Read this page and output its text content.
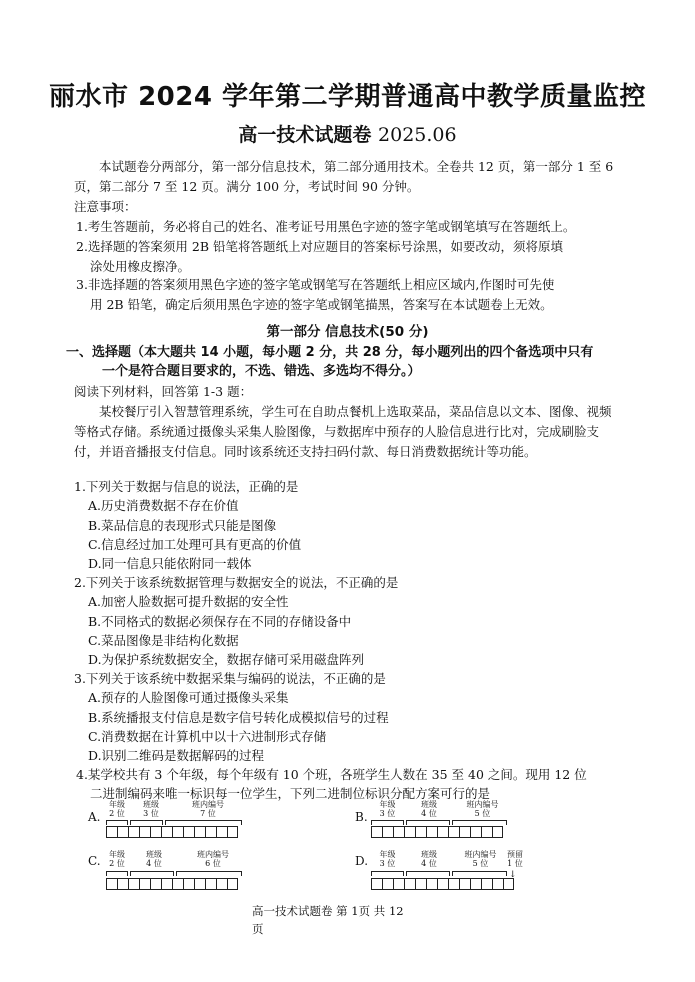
丽水市 2024 学年第二学期普通高中教学质量监控
高一技术试题卷 2025.06
本试题卷分两部分，第一部分信息技术，第二部分通用技术。全卷共 12 页，第一部分 1 至 6 页，第二部分 7 至 12 页。满分 100 分，考试时间 90 分钟。
注意事项：
1.考生答题前，务必将自己的姓名、准考证号用黑色字迹的签字笔或钢笔填写在答题纸上。
2.选择题的答案须用 2B 铅笔将答题纸上对应题目的答案标号涂黑，如要改动，须将原填
涂处用橡皮擦净。
3.非选择题的答案须用黑色字迹的签字笔或钢笔写在答题纸上相应区域内,作图时可先使
用 2B 铅笔，确定后须用黑色字迹的签字笔或钢笔描黑，答案写在本试题卷上无效。
第一部分 信息技术(50 分)
一、选择题（本大题共 14 小题，每小题 2 分，共 28 分，每小题列出的四个备选项中只有
一个是符合题目要求的，不选、错选、多选均不得分。）
阅读下列材料，回答第 1-3 题：
某校餐厅引入智慧管理系统，学生可在自助点餐机上选取菜品，菜品信息以文本、图像、视频等格式存储。系统通过摄像头采集人脸图像，与数据库中预存的人脸信息进行比对，完成刷脸支付，并语音播报支付信息。同时该系统还支持扫码付款、每日消费数据统计等功能。
1.下列关于数据与信息的说法，正确的是
A.历史消费数据不存在价值
B.菜品信息的表现形式只能是图像
C.信息经过加工处理可具有更高的价值
D.同一信息只能依附同一载体
2.下列关于该系统数据管理与数据安全的说法，不正确的是
A.加密人脸数据可提升数据的安全性
B.不同格式的数据必须保存在不同的存储设备中
C.菜品图像是非结构化数据
D.为保护系统数据安全，数据存储可采用磁盘阵列
3.下列关于该系统中数据采集与编码的说法，不正确的是
A.预存的人脸图像可通过摄像头采集
B.系统播报支付信息是数字信号转化成模拟信号的过程
C.消费数据在计算机中以十六进制形式存储
D.识别二维码是数据解码的过程
4.某学校共有 3 个年级，每个年级有 10 个班，各班学生人数在 35 至 40 之间。现用 12 位
二进制编码来唯一标识每一位学生，下列二进制位标识分配方案可行的是
A.
年级
2 位
班级
3 位
班内编号
7 位	B.
年级
3 位
班级
4 位
班内编号
5 位
C.	年级
2 位
班级
4 位
班内编号
6 位	D.	年级
3 位
班级
4 位
班内编号
5 位
预留
1 位
↓
高一技术试题卷 第 1页 共 12
页
